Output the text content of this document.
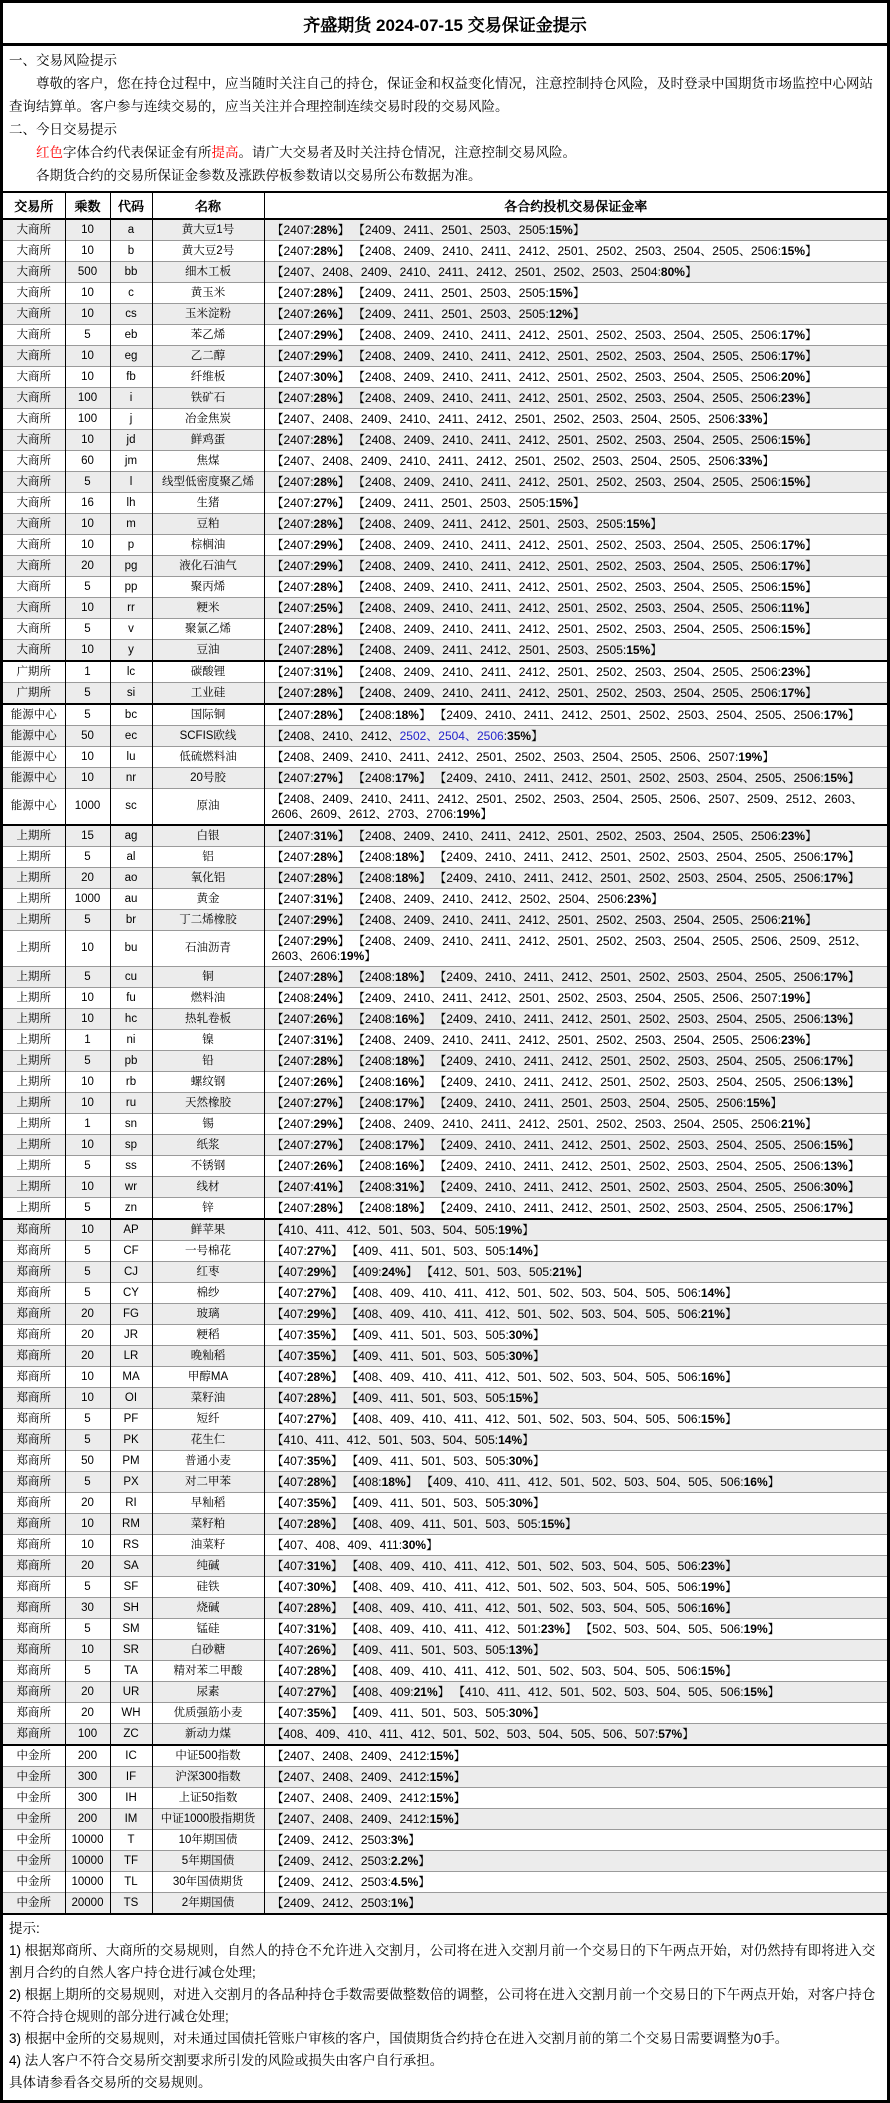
齐盛期货 2024-07-15 交易保证金提示
一、交易风险提示
尊敬的客户，您在持仓过程中，应当随时关注自己的持仓，保证金和权益变化情况，注意控制持仓风险，及时登录中国期货市场监控中心网站查询结算单。客户参与连续交易的，应当关注并合理控制连续交易时段的交易风险。
二、今日交易提示
红色字体合约代表保证金有所提高。请广大交易者及时关注持仓情况，注意控制交易风险。
各期货合约的交易所保证金参数及涨跌停板参数请以交易所公布数据为准。
交易所	乘数	代码	名称	各合约投机交易保证金率
大商所	10	a	黄大豆1号	【2407:28%】 【2409、2411、2501、2503、2505:15%】
大商所	10	b	黄大豆2号	【2407:28%】 【2408、2409、2410、2411、2412、2501、2502、2503、2504、2505、2506:15%】
大商所	500	bb	细木工板	【2407、2408、2409、2410、2411、2412、2501、2502、2503、2504:80%】
大商所	10	c	黄玉米	【2407:28%】 【2409、2411、2501、2503、2505:15%】
大商所	10	cs	玉米淀粉	【2407:26%】 【2409、2411、2501、2503、2505:12%】
大商所	5	eb	苯乙烯	【2407:29%】 【2408、2409、2410、2411、2412、2501、2502、2503、2504、2505、2506:17%】
大商所	10	eg	乙二醇	【2407:29%】 【2408、2409、2410、2411、2412、2501、2502、2503、2504、2505、2506:17%】
大商所	10	fb	纤维板	【2407:30%】 【2408、2409、2410、2411、2412、2501、2502、2503、2504、2505、2506:20%】
大商所	100	i	铁矿石	【2407:28%】 【2408、2409、2410、2411、2412、2501、2502、2503、2504、2505、2506:23%】
大商所	100	j	冶金焦炭	【2407、2408、2409、2410、2411、2412、2501、2502、2503、2504、2505、2506:33%】
大商所	10	jd	鲜鸡蛋	【2407:28%】 【2408、2409、2410、2411、2412、2501、2502、2503、2504、2505、2506:15%】
大商所	60	jm	焦煤	【2407、2408、2409、2410、2411、2412、2501、2502、2503、2504、2505、2506:33%】
大商所	5	l	线型低密度聚乙烯	【2407:28%】 【2408、2409、2410、2411、2412、2501、2502、2503、2504、2505、2506:15%】
大商所	16	lh	生猪	【2407:27%】 【2409、2411、2501、2503、2505:15%】
大商所	10	m	豆粕	【2407:28%】 【2408、2409、2411、2412、2501、2503、2505:15%】
大商所	10	p	棕榈油	【2407:29%】 【2408、2409、2410、2411、2412、2501、2502、2503、2504、2505、2506:17%】
大商所	20	pg	液化石油气	【2407:29%】 【2408、2409、2410、2411、2412、2501、2502、2503、2504、2505、2506:17%】
大商所	5	pp	聚丙烯	【2407:28%】 【2408、2409、2410、2411、2412、2501、2502、2503、2504、2505、2506:15%】
大商所	10	rr	粳米	【2407:25%】 【2408、2409、2410、2411、2412、2501、2502、2503、2504、2505、2506:11%】
大商所	5	v	聚氯乙烯	【2407:28%】 【2408、2409、2410、2411、2412、2501、2502、2503、2504、2505、2506:15%】
大商所	10	y	豆油	【2407:28%】 【2408、2409、2411、2412、2501、2503、2505:15%】
广期所	1	lc	碳酸锂	【2407:31%】 【2408、2409、2410、2411、2412、2501、2502、2503、2504、2505、2506:23%】
广期所	5	si	工业硅	【2407:28%】 【2408、2409、2410、2411、2412、2501、2502、2503、2504、2505、2506:17%】
能源中心	5	bc	国际铜	【2407:28%】 【2408:18%】 【2409、2410、2411、2412、2501、2502、2503、2504、2505、2506:17%】
能源中心	50	ec	SCFIS欧线	【2408、2410、2412、2502、2504、2506:35%】
能源中心	10	lu	低硫燃料油	【2408、2409、2410、2411、2412、2501、2502、2503、2504、2505、2506、2507:19%】
能源中心	10	nr	20号胶	【2407:27%】 【2408:17%】 【2409、2410、2411、2412、2501、2502、2503、2504、2505、2506:15%】
能源中心	1000	sc	原油	【2408、2409、2410、2411、2412、2501、2502、2503、2504、2505、2506、2507、2509、2512、2603、2606、2609、2612、2703、2706:19%】
上期所	15	ag	白银	【2407:31%】 【2408、2409、2410、2411、2412、2501、2502、2503、2504、2505、2506:23%】
上期所	5	al	铝	【2407:28%】 【2408:18%】 【2409、2410、2411、2412、2501、2502、2503、2504、2505、2506:17%】
上期所	20	ao	氧化铝	【2407:28%】 【2408:18%】 【2409、2410、2411、2412、2501、2502、2503、2504、2505、2506:17%】
上期所	1000	au	黄金	【2407:31%】 【2408、2409、2410、2412、2502、2504、2506:23%】
上期所	5	br	丁二烯橡胶	【2407:29%】 【2408、2409、2410、2411、2412、2501、2502、2503、2504、2505、2506:21%】
上期所	10	bu	石油沥青	【2407:29%】 【2408、2409、2410、2411、2412、2501、2502、2503、2504、2505、2506、2509、2512、2603、2606:19%】
上期所	5	cu	铜	【2407:28%】 【2408:18%】 【2409、2410、2411、2412、2501、2502、2503、2504、2505、2506:17%】
上期所	10	fu	燃料油	【2408:24%】 【2409、2410、2411、2412、2501、2502、2503、2504、2505、2506、2507:19%】
上期所	10	hc	热轧卷板	【2407:26%】 【2408:16%】 【2409、2410、2411、2412、2501、2502、2503、2504、2505、2506:13%】
上期所	1	ni	镍	【2407:31%】 【2408、2409、2410、2411、2412、2501、2502、2503、2504、2505、2506:23%】
上期所	5	pb	铅	【2407:28%】 【2408:18%】 【2409、2410、2411、2412、2501、2502、2503、2504、2505、2506:17%】
上期所	10	rb	螺纹钢	【2407:26%】 【2408:16%】 【2409、2410、2411、2412、2501、2502、2503、2504、2505、2506:13%】
上期所	10	ru	天然橡胶	【2407:27%】 【2408:17%】 【2409、2410、2411、2501、2503、2504、2505、2506:15%】
上期所	1	sn	锡	【2407:29%】 【2408、2409、2410、2411、2412、2501、2502、2503、2504、2505、2506:21%】
上期所	10	sp	纸浆	【2407:27%】 【2408:17%】 【2409、2410、2411、2412、2501、2502、2503、2504、2505、2506:15%】
上期所	5	ss	不锈钢	【2407:26%】 【2408:16%】 【2409、2410、2411、2412、2501、2502、2503、2504、2505、2506:13%】
上期所	10	wr	线材	【2407:41%】 【2408:31%】 【2409、2410、2411、2412、2501、2502、2503、2504、2505、2506:30%】
上期所	5	zn	锌	【2407:28%】 【2408:18%】 【2409、2410、2411、2412、2501、2502、2503、2504、2505、2506:17%】
郑商所	10	AP	鲜苹果	【410、411、412、501、503、504、505:19%】
郑商所	5	CF	一号棉花	【407:27%】 【409、411、501、503、505:14%】
郑商所	5	CJ	红枣	【407:29%】 【409:24%】 【412、501、503、505:21%】
郑商所	5	CY	棉纱	【407:27%】 【408、409、410、411、412、501、502、503、504、505、506:14%】
郑商所	20	FG	玻璃	【407:29%】 【408、409、410、411、412、501、502、503、504、505、506:21%】
郑商所	20	JR	粳稻	【407:35%】 【409、411、501、503、505:30%】
郑商所	20	LR	晚籼稻	【407:35%】 【409、411、501、503、505:30%】
郑商所	10	MA	甲醇MA	【407:28%】 【408、409、410、411、412、501、502、503、504、505、506:16%】
郑商所	10	OI	菜籽油	【407:28%】 【409、411、501、503、505:15%】
郑商所	5	PF	短纤	【407:27%】 【408、409、410、411、412、501、502、503、504、505、506:15%】
郑商所	5	PK	花生仁	【410、411、412、501、503、504、505:14%】
郑商所	50	PM	普通小麦	【407:35%】 【409、411、501、503、505:30%】
郑商所	5	PX	对二甲苯	【407:28%】 【408:18%】 【409、410、411、412、501、502、503、504、505、506:16%】
郑商所	20	RI	早籼稻	【407:35%】 【409、411、501、503、505:30%】
郑商所	10	RM	菜籽粕	【407:28%】 【408、409、411、501、503、505:15%】
郑商所	10	RS	油菜籽	【407、408、409、411:30%】
郑商所	20	SA	纯碱	【407:31%】 【408、409、410、411、412、501、502、503、504、505、506:23%】
郑商所	5	SF	硅铁	【407:30%】 【408、409、410、411、412、501、502、503、504、505、506:19%】
郑商所	30	SH	烧碱	【407:28%】 【408、409、410、411、412、501、502、503、504、505、506:16%】
郑商所	5	SM	锰硅	【407:31%】 【408、409、410、411、412、501:23%】 【502、503、504、505、506:19%】
郑商所	10	SR	白砂糖	【407:26%】 【409、411、501、503、505:13%】
郑商所	5	TA	精对苯二甲酸	【407:28%】 【408、409、410、411、412、501、502、503、504、505、506:15%】
郑商所	20	UR	尿素	【407:27%】 【408、409:21%】 【410、411、412、501、502、503、504、505、506:15%】
郑商所	20	WH	优质强筋小麦	【407:35%】 【409、411、501、503、505:30%】
郑商所	100	ZC	新动力煤	【408、409、410、411、412、501、502、503、504、505、506、507:57%】
中金所	200	IC	中证500指数	【2407、2408、2409、2412:15%】
中金所	300	IF	沪深300指数	【2407、2408、2409、2412:15%】
中金所	300	IH	上证50指数	【2407、2408、2409、2412:15%】
中金所	200	IM	中证1000股指期货	【2407、2408、2409、2412:15%】
中金所	10000	T	10年期国债	【2409、2412、2503:3%】
中金所	10000	TF	5年期国债	【2409、2412、2503:2.2%】
中金所	10000	TL	30年国债期货	【2409、2412、2503:4.5%】
中金所	20000	TS	2年期国债	【2409、2412、2503:1%】
提示:
1) 根据郑商所、大商所的交易规则，自然人的持仓不允许进入交割月，公司将在进入交割月前一个交易日的下午两点开始，对仍然持有即将进入交割月合约的自然人客户持仓进行减仓处理;
2) 根据上期所的交易规则，对进入交割月的各品种持仓手数需要做整数倍的调整，公司将在进入交割月前一个交易日的下午两点开始，对客户持仓不符合持仓规则的部分进行减仓处理;
3) 根据中金所的交易规则，对未通过国债托管账户审核的客户，国债期货合约持仓在进入交割月前的第二个交易日需要调整为0手。
4) 法人客户不符合交易所交割要求所引发的风险或损失由客户自行承担。
具体请参看各交易所的交易规则。
